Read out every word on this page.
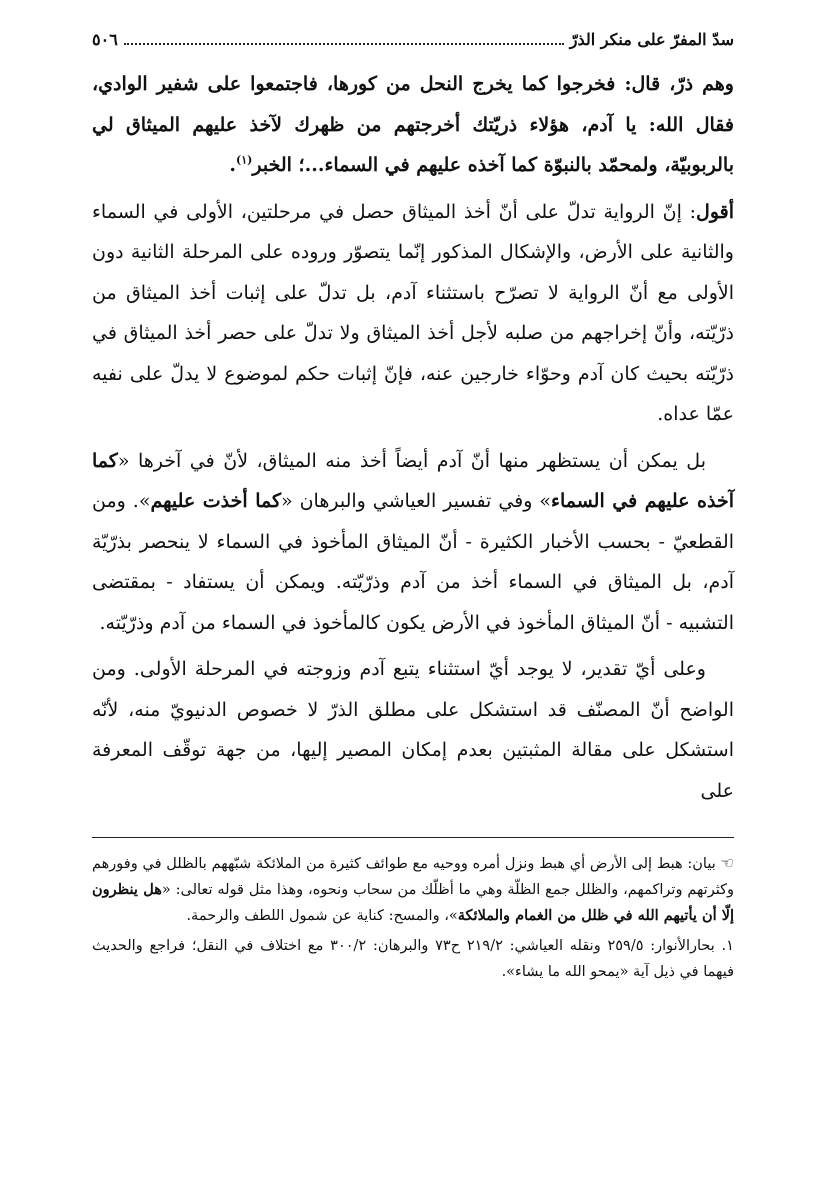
سدّ المفرّ على منكر الذرّ
٥٠٦

وهم ذرّ، قال: فخرجوا كما يخرج النحل من كورها، فاجتمعوا على شفير الوادي، فقال الله: يا آدم، هؤلاء ذريّتك أخرجتهم من ظهرك لآخذ عليهم الميثاق لي بالربوبيّة، ولمحمّد بالنبوّة كما آخذه عليهم في السماء...؛ الخبر$^{(١)}$.

أقول: إنّ الرواية تدلّ على أنّ أخذ الميثاق حصل في مرحلتين، الأولى في السماء والثانية على الأرض، والإشكال المذكور إنّما يتصوّر وروده على المرحلة الثانية دون الأولى مع أنّ الرواية لا تصرّح باستثناء آدم، بل تدلّ على إثبات أخذ الميثاق من ذرّيّته، وأنّ إخراجهم من صلبه لأجل أخذ الميثاق ولا تدلّ على حصر أخذ الميثاق في ذرّيّته بحيث كان آدم وحوّاء خارجين عنه، فإنّ إثبات حكم لموضوع لا يدلّ على نفيه عمّا عداه.

بل يمكن أن يستظهر منها أنّ آدم أيضاً أخذ منه الميثاق، لأنّ في آخرها «كما آخذه عليهم في السماء» وفي تفسير العياشي والبرهان «كما أخذت عليهم». ومن القطعيّ - بحسب الأخبار الكثيرة - أنّ الميثاق المأخوذ في السماء لا ينحصر بذرّيّة آدم، بل الميثاق في السماء أخذ من آدم وذرّيّته. ويمكن أن يستفاد - بمقتضى التشبيه - أنّ الميثاق المأخوذ في الأرض يكون كالمأخوذ في السماء من آدم وذرّيّته.

وعلى أيّ تقدير، لا يوجد أيّ استثناء يتبع آدم وزوجته في المرحلة الأولى. ومن الواضح أنّ المصنّف قد استشكل على مطلق الذرّ لا خصوص الدنيويّ منه، لأنّه استشكل على مقالة المثبتين بعدم إمكان المصير إليها، من جهة توقّف المعرفة على

☜ بيان: هبط إلى الأرض أي هبط ونزل أمره ووحيه مع طوائف كثيرة من الملائكة شبّههم بالظلل في وفورهم وكثرتهم وتراكمهم، والظلل جمع الظلّة وهي ما أظلّك من سحاب ونحوه، وهذا مثل قوله تعالى: «هل ينظرون إلّا أن يأتيهم الله في ظلل من الغمام والملائكة»، والمسح: كناية عن شمول اللطف والرحمة.

١. بحارالأنوار: ٢٥٩/٥ ونقله العياشي: ٢١٩/٢ ح٧٣ والبرهان: ٣٠٠/٢ مع اختلاف في النقل؛ فراجع والحديث فيهما في ذيل آية «يمحو الله ما يشاء».
